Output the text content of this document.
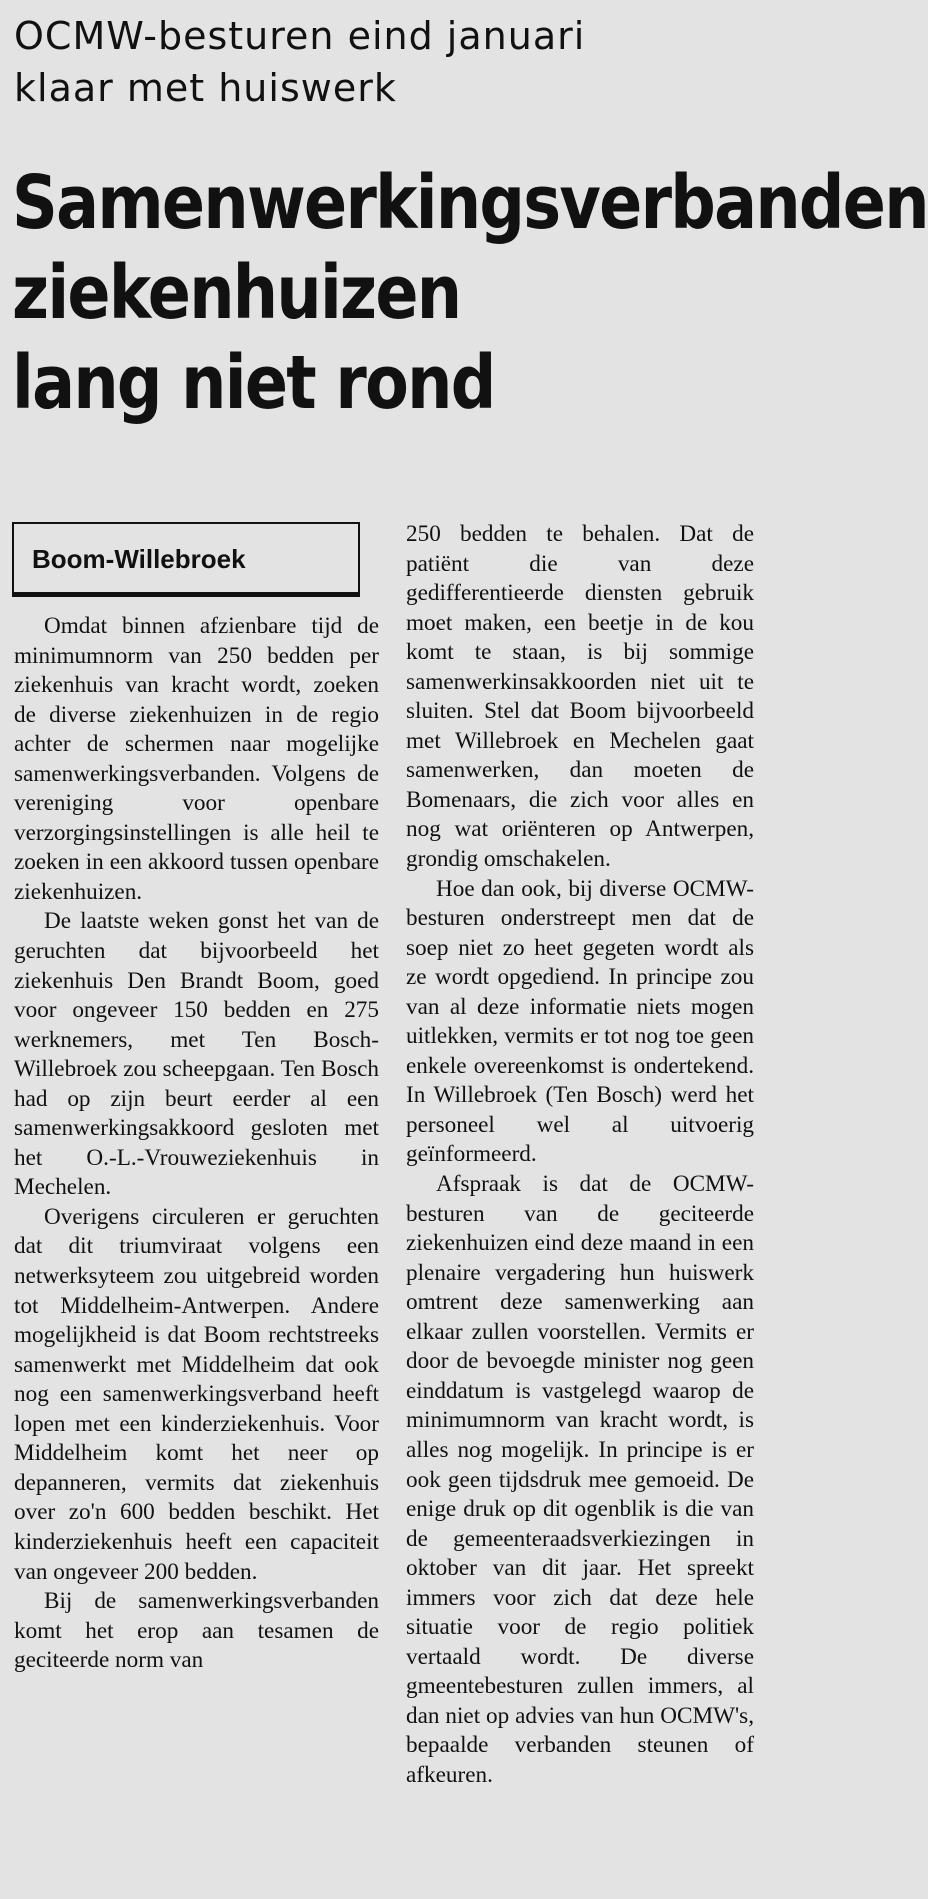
OCMW-besturen eind januari
klaar met huiswerk
Samenwerkingsverbanden
ziekenhuizen
lang niet rond
Boom-Willebroek

Omdat binnen afzienbare tijd de minimumnorm van 250 bedden per ziekenhuis van kracht wordt, zoeken de diverse ziekenhuizen in de regio achter de schermen naar mogelijke samenwerkingsverbanden. Volgens de vereniging voor openbare verzorgingsinstellingen is alle heil te zoeken in een akkoord tussen openbare ziekenhuizen.

De laatste weken gonst het van de geruchten dat bijvoorbeeld het ziekenhuis Den Brandt Boom, goed voor ongeveer 150 bedden en 275 werknemers, met Ten Bosch-Willebroek zou scheepgaan. Ten Bosch had op zijn beurt eerder al een samenwerkingsakkoord gesloten met het O.-L.-Vrouweziekenhuis in Mechelen.

Overigens circuleren er geruchten dat dit triumviraat volgens een netwerksyteem zou uitgebreid worden tot Middelheim-Antwerpen. Andere mogelijkheid is dat Boom rechtstreeks samenwerkt met Middelheim dat ook nog een samenwerkingsverband heeft lopen met een kinderziekenhuis. Voor Middelheim komt het neer op depanneren, vermits dat ziekenhuis over zo'n 600 bedden beschikt. Het kinderziekenhuis heeft een capaciteit van ongeveer 200 bedden.

Bij de samenwerkingsverbanden komt het erop aan tesamen de geciteerde norm van

250 bedden te behalen. Dat de patiënt die van deze gedifferentieerde diensten gebruik moet maken, een beetje in de kou komt te staan, is bij sommige samenwerkinsakkoorden niet uit te sluiten. Stel dat Boom bijvoorbeeld met Willebroek en Mechelen gaat samenwerken, dan moeten de Bomenaars, die zich voor alles en nog wat oriënteren op Antwerpen, grondig omschakelen.

Hoe dan ook, bij diverse OCMW-besturen onderstreept men dat de soep niet zo heet gegeten wordt als ze wordt opgediend. In principe zou van al deze informatie niets mogen uitlekken, vermits er tot nog toe geen enkele overeenkomst is ondertekend. In Willebroek (Ten Bosch) werd het personeel wel al uitvoerig geïnformeerd.

Afspraak is dat de OCMW-besturen van de geciteerde ziekenhuizen eind deze maand in een plenaire vergadering hun huiswerk omtrent deze samenwerking aan elkaar zullen voorstellen. Vermits er door de bevoegde minister nog geen einddatum is vastgelegd waarop de minimumnorm van kracht wordt, is alles nog mogelijk. In principe is er ook geen tijdsdruk mee gemoeid. De enige druk op dit ogenblik is die van de gemeenteraadsverkiezingen in oktober van dit jaar. Het spreekt immers voor zich dat deze hele situatie voor de regio politiek vertaald wordt. De diverse gmeentebesturen zullen immers, al dan niet op advies van hun OCMW's, bepaalde verbanden steunen of afkeuren.
